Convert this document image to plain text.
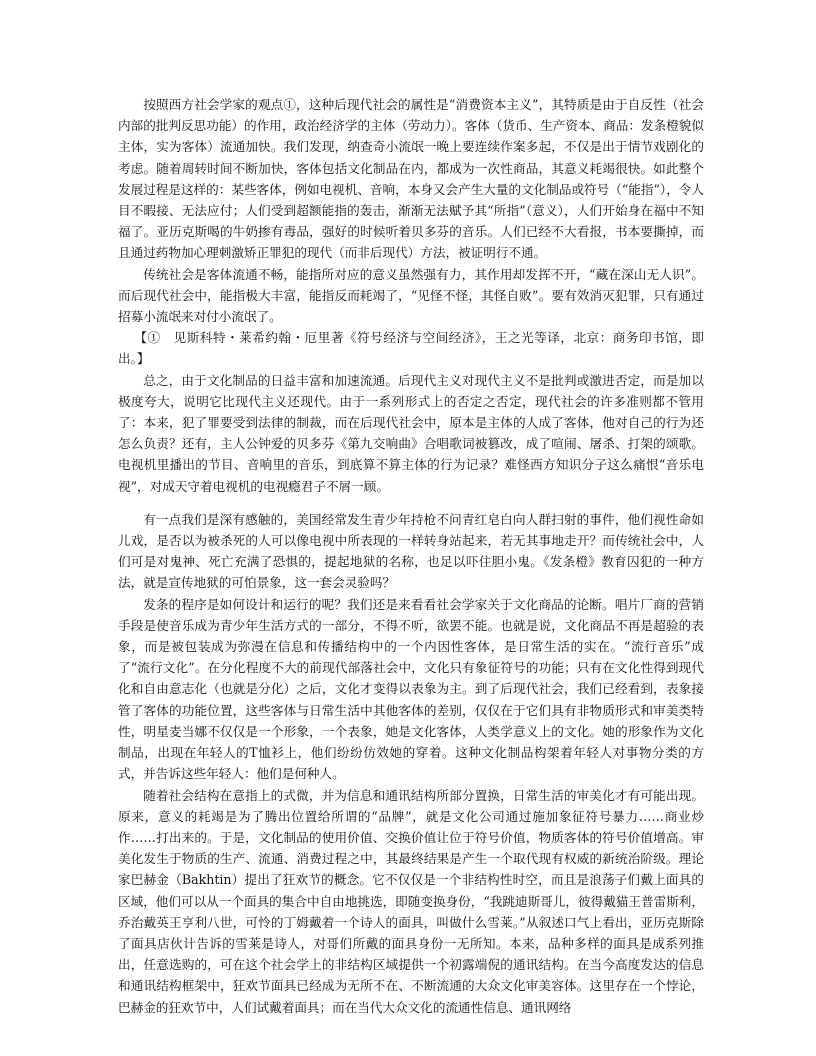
按照西方社会学家的观点①，这种后现代社会的属性是“消费资本主义”，其特质是由于自反性（社会内部的批判反思功能）的作用，政治经济学的主体（劳动力）。客体（货币、生产资本、商品：发条橙貌似主体，实为客体）流通加快。我们发现，纳查奇小流氓一晚上要连续作案多起，不仅是出于情节戏剧化的考虑。随着周转时间不断加快，客体包括文化制品在内，都成为一次性商品，其意义耗竭很快。如此整个发展过程是这样的：某些客体，例如电视机、音响，本身又会产生大量的文化制品或符号（“能指”），令人目不暇接、无法应付；人们受到超额能指的轰击，渐渐无法赋予其“所指”（意义），人们开始身在福中不知福了。亚历克斯喝的牛奶掺有毒品，强好的时候听着贝多芬的音乐。人们已经不大看报，书本要撕掉，而且通过药物加心理刺激矫正罪犯的现代（而非后现代）方法，被证明行不通。

传统社会是客体流通不畅，能指所对应的意义虽然强有力，其作用却发挥不开，“藏在深山无人识”。而后现代社会中，能指极大丰富，能指反而耗竭了，“见怪不怪，其怪自败”。要有效消灭犯罪，只有通过招募小流氓来对付小流氓了。

【①　见斯科特・莱希约翰・厄里著《符号经济与空间经济》，王之光等译，北京：商务印书馆，即出。】

总之，由于文化制品的日益丰富和加速流通。后现代主义对现代主义不是批判或激进否定，而是加以极度夸大，说明它比现代主义还现代。由于一系列形式上的否定之否定，现代社会的许多准则都不管用了：本来，犯了罪要受到法律的制裁，而在后现代社会中，原本是主体的人成了客体，他对自己的行为还怎么负责？还有，主人公钟爱的贝多芬《第九交响曲》合唱歌词被篡改，成了喧闹、屠杀、打架的颂歌。电视机里播出的节目、音响里的音乐，到底算不算主体的行为记录？难怪西方知识分子这么痛恨“音乐电视”，对成天守着电视机的电视瘾君子不屑一顾。

有一点我们是深有感触的，美国经常发生青少年持枪不问青红皂白向人群扫射的事件，他们视性命如儿戏，是否以为被杀死的人可以像电视中所表现的一样转身站起来，若无其事地走开？而传统社会中，人们可是对鬼神、死亡充满了恐惧的，提起地狱的名称，也足以吓住胆小鬼。《发条橙》教育囚犯的一种方法，就是宣传地狱的可怕景象，这一套会灵验吗？

发条的程序是如何设计和运行的呢？我们还是来看看社会学家关于文化商品的论断。唱片厂商的营销手段是使音乐成为青少年生活方式的一部分，不得不听，欲罢不能。也就是说，文化商品不再是超验的表象，而是被包装成为弥漫在信息和传播结构中的一个内因性客体，是日常生活的实在。“流行音乐”成了“流行文化”。在分化程度不大的前现代部落社会中，文化只有象征符号的功能；只有在文化性得到现代化和自由意志化（也就是分化）之后，文化才变得以表象为主。到了后现代社会，我们已经看到，表象接管了客体的功能位置，这些客体与日常生活中其他客体的差别，仅仅在于它们具有非物质形式和审美类特性，明星麦当娜不仅仅是一个形象，一个表象，她是文化客体，人类学意义上的文化。她的形象作为文化制品，出现在年轻人的T恤衫上，他们纷纷仿效她的穿着。这种文化制品构架着年轻人对事物分类的方式，并告诉这些年轻人：他们是何种人。

随着社会结构在意指上的式微，并为信息和通讯结构所部分置换，日常生活的审美化才有可能出现。原来，意义的耗竭是为了腾出位置给所谓的“品牌”，就是文化公司通过施加象征符号暴力……商业炒作……打出来的。于是，文化制品的使用价值、交换价值让位于符号价值，物质客体的符号价值增高。审美化发生于物质的生产、流通、消费过程之中，其最终结果是产生一个取代现有权威的新统治阶级。理论家巴赫金（Bakhtin）提出了狂欢节的概念。它不仅仅是一个非结构性时空，而且是浪荡子们戴上面具的区域，他们可以从一个面具的集合中自由地挑选，即随变换身份，“我跳迪斯哥儿，彼得戴猫王普雷斯利，乔治戴英王亨利八世，可怜的丁姆戴着一个诗人的面具，叫做什么雪莱。”从叙述口气上看出，亚历克斯除了面具店伙计告诉的雪莱是诗人，对哥们所戴的面具身份一无所知。本来，品种多样的面具是成系列推出，任意选购的，可在这个社会学上的非结构区域提供一个初露端倪的通讯结构。在当今高度发达的信息和通讯结构框架中，狂欢节面具已经成为无所不在、不断流通的大众文化审美容体。这里存在一个悖论，巴赫金的狂欢节中，人们试戴着面具；而在当代大众文化的流通性信息、通讯网络
